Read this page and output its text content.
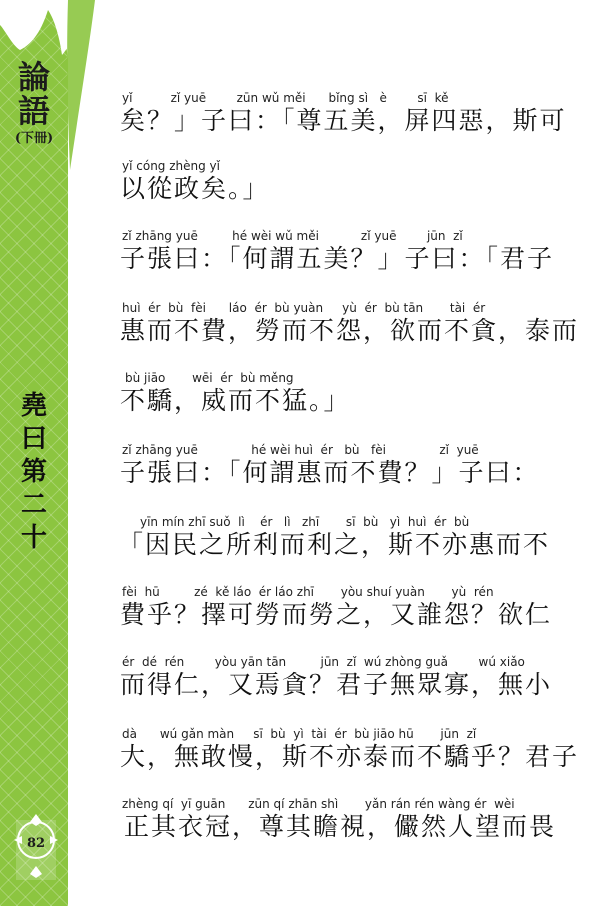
論
語
(下冊)
堯
曰
第
二
十
82
yǐ          zǐ yuē        zūn wǔ měi      bǐng sì   è        sī  kě
矣？」子曰：「尊五美，屏四惡，斯可
yǐ cóng zhèng yǐ
以從政矣。」
zǐ zhāng yuē         hé wèi wǔ měi           zǐ yuē        jūn  zǐ
子張曰：「何謂五美？」子曰：「君子
huì  ér  bù  fèi      láo  ér  bù yuàn     yù  ér  bù tān       tài  ér
惠而不費，勞而不怨，欲而不貪，泰而
bù jiāo       wēi  ér  bù měng
不驕，威而不猛。」
zǐ zhāng yuē              hé wèi huì  ér   bù   fèi              zǐ  yuē
子張曰：「何謂惠而不費？」子曰：
yīn mín zhī suǒ  lì    ér   lì   zhī       sī  bù   yì  huì  ér  bù
「因民之所利而利之，斯不亦惠而不
fèi  hū         zé  kě láo  ér láo zhī       yòu shuí yuàn       yù  rén
費乎？擇可勞而勞之，又誰怨？欲仁
ér  dé  rén        yòu yān tān         jūn  zǐ  wú zhòng guǎ        wú xiǎo
而得仁，又焉貪？君子無眾寡，無小
dà      wú gǎn màn     sī  bù  yì  tài  ér  bù jiāo hū       jūn  zǐ
大，無敢慢，斯不亦泰而不驕乎？君子
zhèng qí  yī guān      zūn qí zhān shì       yǎn rán rén wàng ér  wèi
正其衣冠，尊其瞻視，儼然人望而畏
